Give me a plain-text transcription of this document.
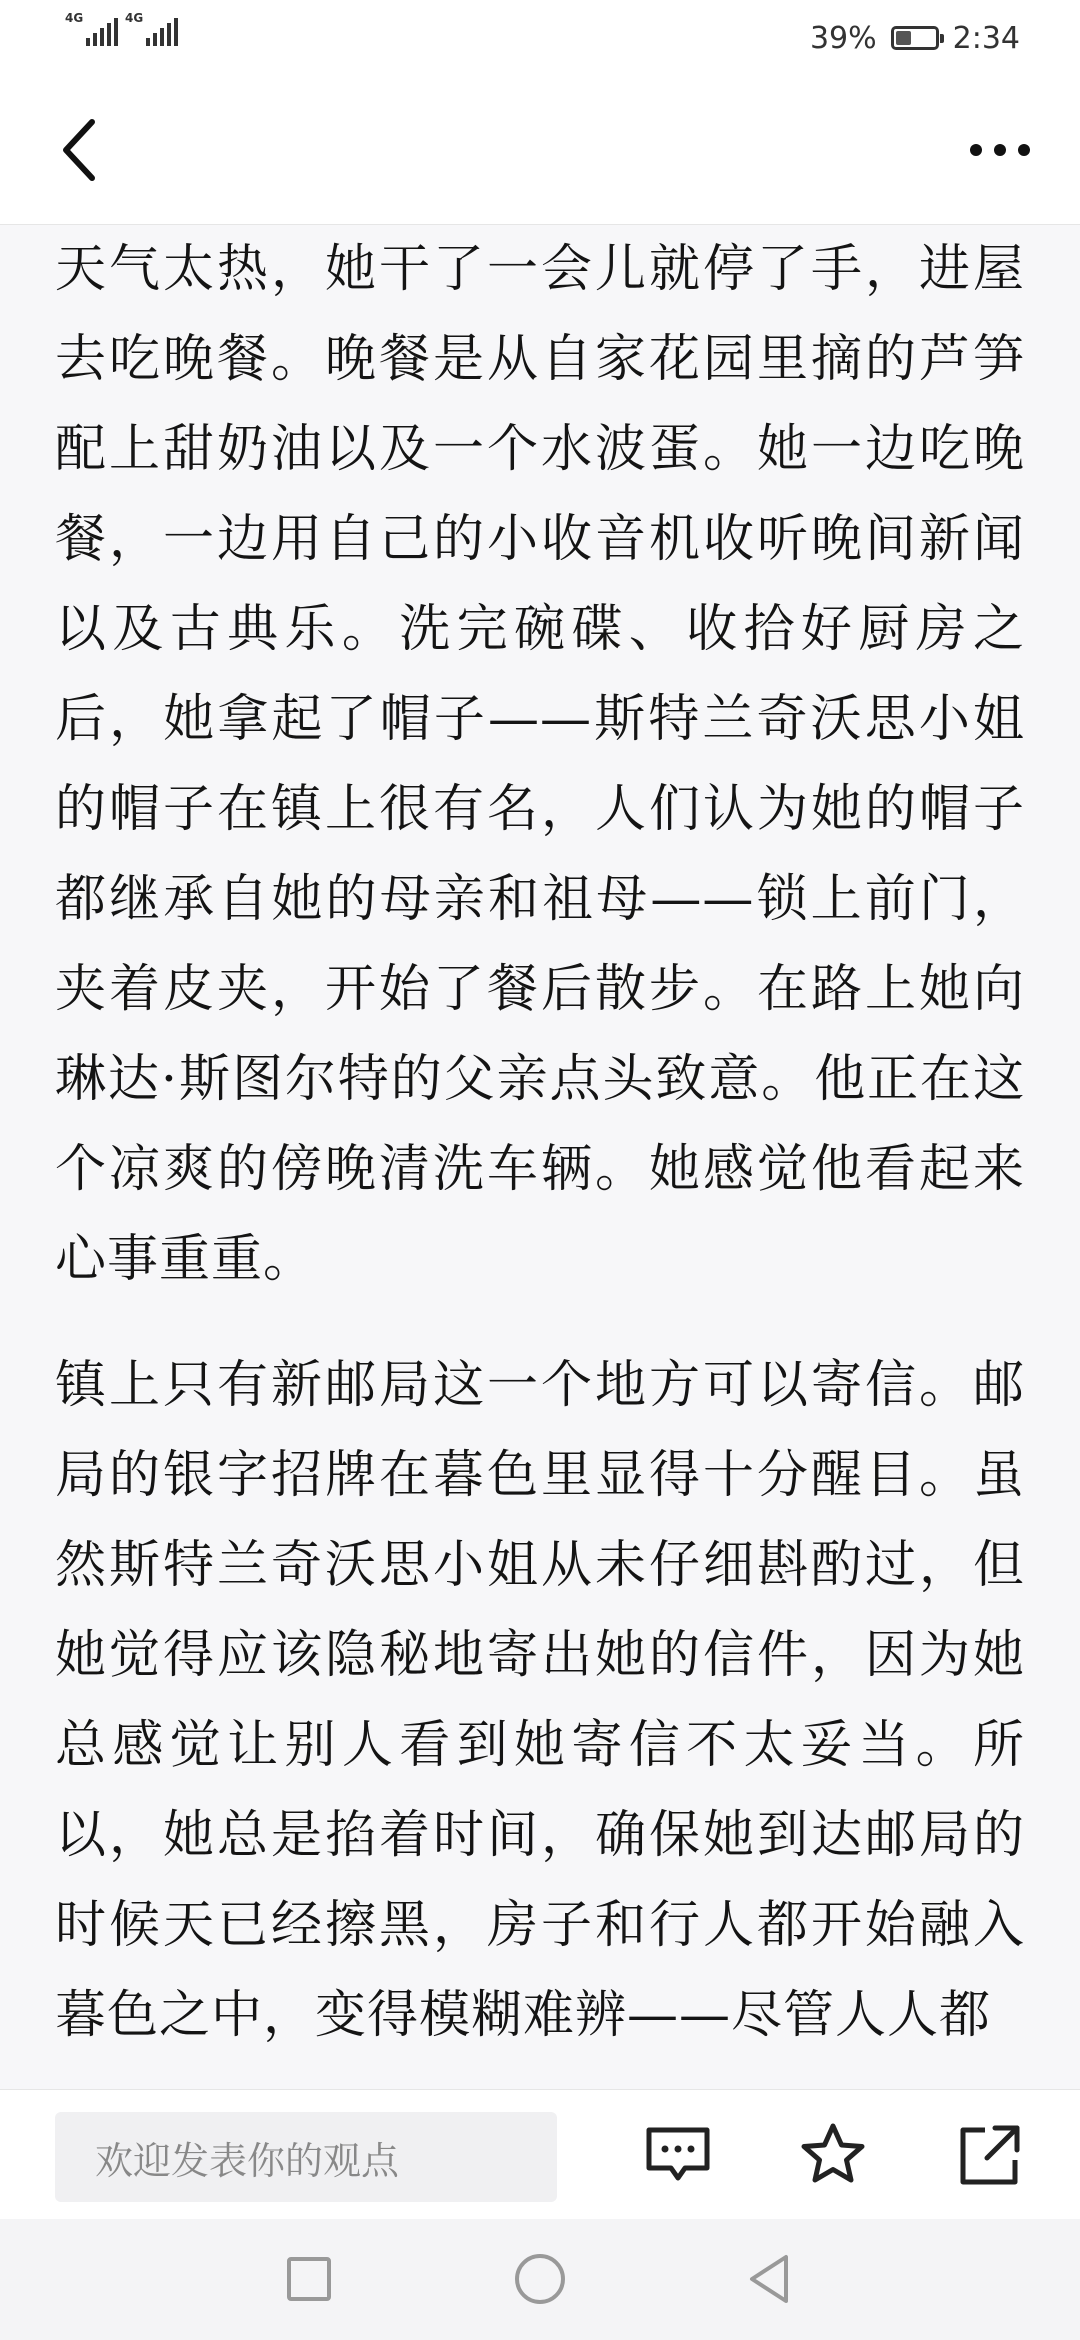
4G	4G
39%	2:34

天气太热，她干了一会儿就停了手，进屋去吃晚餐。晚餐是从自家花园里摘的芦笋配上甜奶油以及一个水波蛋。她一边吃晚餐，一边用自己的小收音机收听晚间新闻以及古典乐。洗完碗碟、收拾好厨房之后，她拿起了帽子——斯特兰奇沃思小姐的帽子在镇上很有名，人们认为她的帽子都继承自她的母亲和祖母——锁上前门，夹着皮夹，开始了餐后散步。在路上她向琳达·斯图尔特的父亲点头致意。他正在这个凉爽的傍晚清洗车辆。她感觉他看起来心事重重。

镇上只有新邮局这一个地方可以寄信。邮局的银字招牌在暮色里显得十分醒目。虽然斯特兰奇沃思小姐从未仔细斟酌过，但她觉得应该隐秘地寄出她的信件，因为她总感觉让别人看到她寄信不太妥当。所以，她总是掐着时间，确保她到达邮局的时候天已经擦黑，房子和行人都开始融入暮色之中，变得模糊难辨——尽管人人都

欢迎发表你的观点
